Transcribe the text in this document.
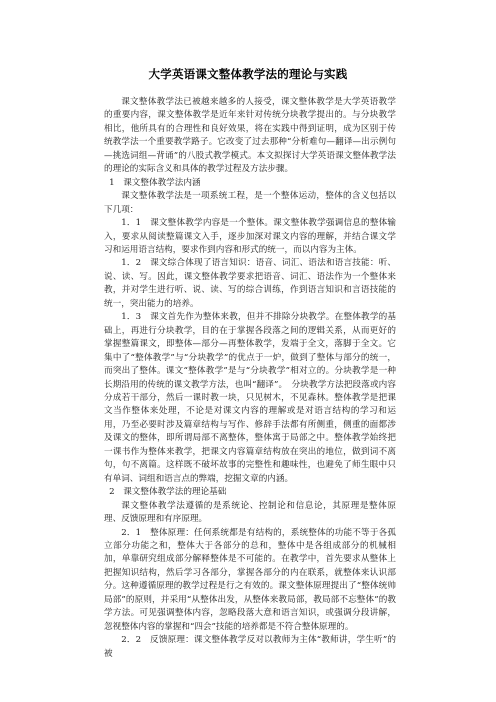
大学英语课文整体教学法的理论与实践

课文整体教学法已被越来越多的人接受，课文整体教学是大学英语教学的重要内容，课文整体教学是近年来针对传统分块教学提出的。与分块教学相比，他所具有的合理性和良好效果，将在实践中得到证明，成为区别于传统教学法一个重要教学路子。它改变了过去那种“分析难句—翻译—出示例句—挑选词组—背诵”的八股式教学模式。本文拟探讨大学英语课文整体教学法的理论的实际含义和具体的教学过程及方法步骤。

1　课文整体教学法内涵

课文整体教学法是一项系统工程，是一个整体运动，整体的含义包括以下几项：

1．1　课文整体教学内容是一个整体。课文整体教学强调信息的整体输入，要求从阅读整篇课文入手，逐步加深对课文内容的理解，并结合课文学习和运用语言结构，要求作到内容和形式的统一，而以内容为主体。

1．2　课文综合体现了语言知识：语音、词汇、语法和语言技能：听、说、读、写。因此，课文整体教学要求把语音、词汇、语法作为一个整体来教，并对学生进行听、说、读、写的综合训练，作到语言知识和言语技能的统一，突出能力的培养。

1．3　课文首先作为整体来教，但并不排除分块教学。在整体教学的基础上，再进行分块教学，目的在于掌握各段落之间的逻辑关系，从而更好的掌握整篇课文，即整体—部分—再整体教学，发端于全文，落脚于全文。它集中了“整体教学”与“分块教学”的优点于一炉，做到了整体与部分的统一，而突出了整体。课文“整体教学”是与“分块教学”相对立的。分块教学是一种长期沿用的传统的课文教学方法，也叫“翻译”。　分块教学方法把段落或内容分成若干部分，然后一课时教一块，只见树木，不见森林。整体教学是把课文当作整体来处理，不论是对课文内容的理解或是对语言结构的学习和运用，乃至必要时涉及篇章结构与写作、修辞手法都有所侧重，侧重的面都涉及课文的整体，即所谓局部不离整体，整体寓于局部之中。整体教学始终把一课书作为整体来教学，把课文内容篇章结构放在突出的地位，做到词不离句，句不离篇。这样既不破坏故事的完整性和趣味性，也避免了师生眼中只有单词、词组和语言点的弊端，挖掘文章的内涵。

2　课文整体教学法的理论基础

课文整体教学法遵循的是系统论、控制论和信息论，其原理是整体原理、反馈原理和有序原理。

2．1　整体原理：任何系统都是有结构的，系统整体的功能不等于各孤立部分功能之和，整体大于各部分的总和，整体中是各组成部分的机械相加，单靠研究组成部分解释整体是不可能的。在教学中，首先要求从整体上把握知识结构，然后学习各部分，掌握各部分的内在联系，就整体来认识部分。这种遵循原理的教学过程是行之有效的。课文整体原理提出了“整体统帅局部”的原则，并采用“从整体出发，从整体来教局部，教局部不忘整体”的教学方法。可见强调整体内容，忽略段落大意和语言知识，或强调分段讲解，忽视整体内容的掌握和“四会”技能的培养都是不符合整体原理的。

2．2　反馈原理：课文整体教学反对以教师为主体“教师讲，学生听”的被
